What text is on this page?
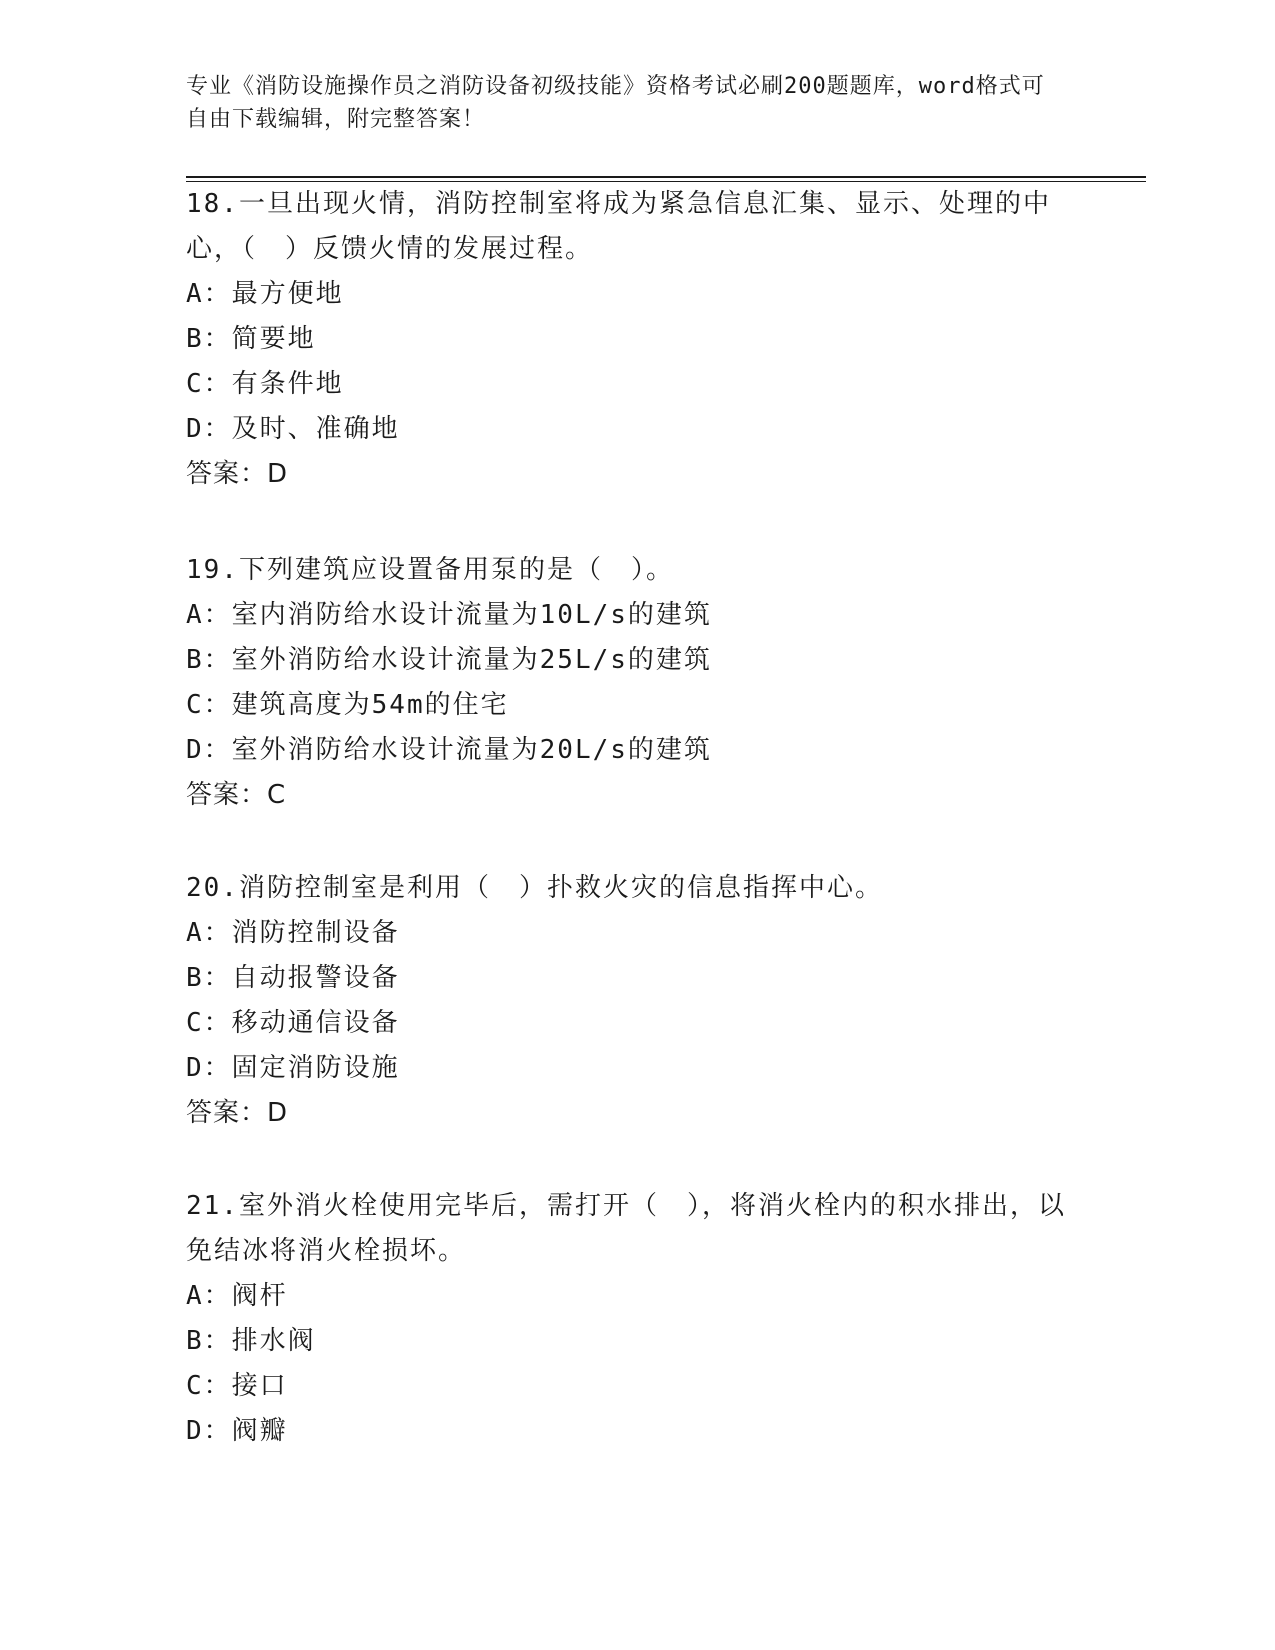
专业《消防设施操作员之消防设备初级技能》资格考试必刷200题题库，word格式可自由下载编辑，附完整答案！
18.一旦出现火情，消防控制室将成为紧急信息汇集、显示、处理的中心，（　）反馈火情的发展过程。
A：最方便地
B：简要地
C：有条件地
D：及时、准确地
答案：D
19.下列建筑应设置备用泵的是（　）。
A：室内消防给水设计流量为10L/s的建筑
B：室外消防给水设计流量为25L/s的建筑
C：建筑高度为54m的住宅
D：室外消防给水设计流量为20L/s的建筑
答案：C
20.消防控制室是利用（　）扑救火灾的信息指挥中心。
A：消防控制设备
B：自动报警设备
C：移动通信设备
D：固定消防设施
答案：D
21.室外消火栓使用完毕后，需打开（　），将消火栓内的积水排出，以免结冰将消火栓损坏。
A：阀杆
B：排水阀
C：接口
D：阀瓣
